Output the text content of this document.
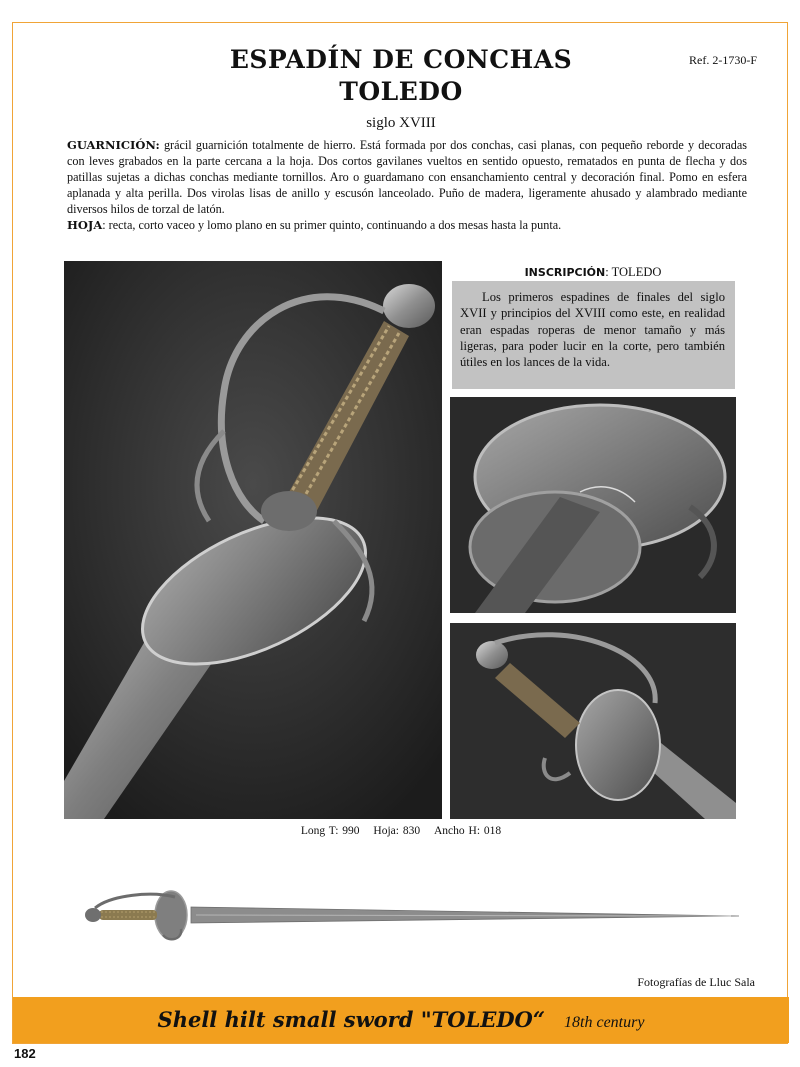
Ref. 2-1730-F
ESPADÍN DE CONCHAS
TOLEDO
siglo XVIII
GUARNICIÓN: grácil guarnición totalmente de hierro. Está formada por dos conchas, casi planas, con pequeño reborde y decoradas con leves grabados en la parte cercana a la hoja. Dos cortos gavilanes vueltos en sentido opuesto, rematados en punta de flecha y dos patillas sujetas a dichas conchas mediante tornillos. Aro o guardamano con ensanchamiento central y decoración final. Pomo en esfera aplanada y alta perilla. Dos virolas lisas de anillo y escusón lanceolado. Puño de madera, ligeramente ahusado y alambrado mediante diversos hilos de torzal de latón.
HOJA: recta, corto vaceo y lomo plano en su primer quinto, continuando a dos mesas hasta la punta.
INSCRIPCIÓN: TOLEDO
Los primeros espadines de finales del siglo XVII y principios del XVIII como este, en realidad eran espadas roperas de menor tamaño y más ligeras, para poder lucir en la corte, pero también útiles en los lances de la vida.
Long T: 990 Hoja: 830 Ancho H: 018
Fotografías de Lluc Sala
Shell hilt small sword "TOLEDO“ 18th century
182
